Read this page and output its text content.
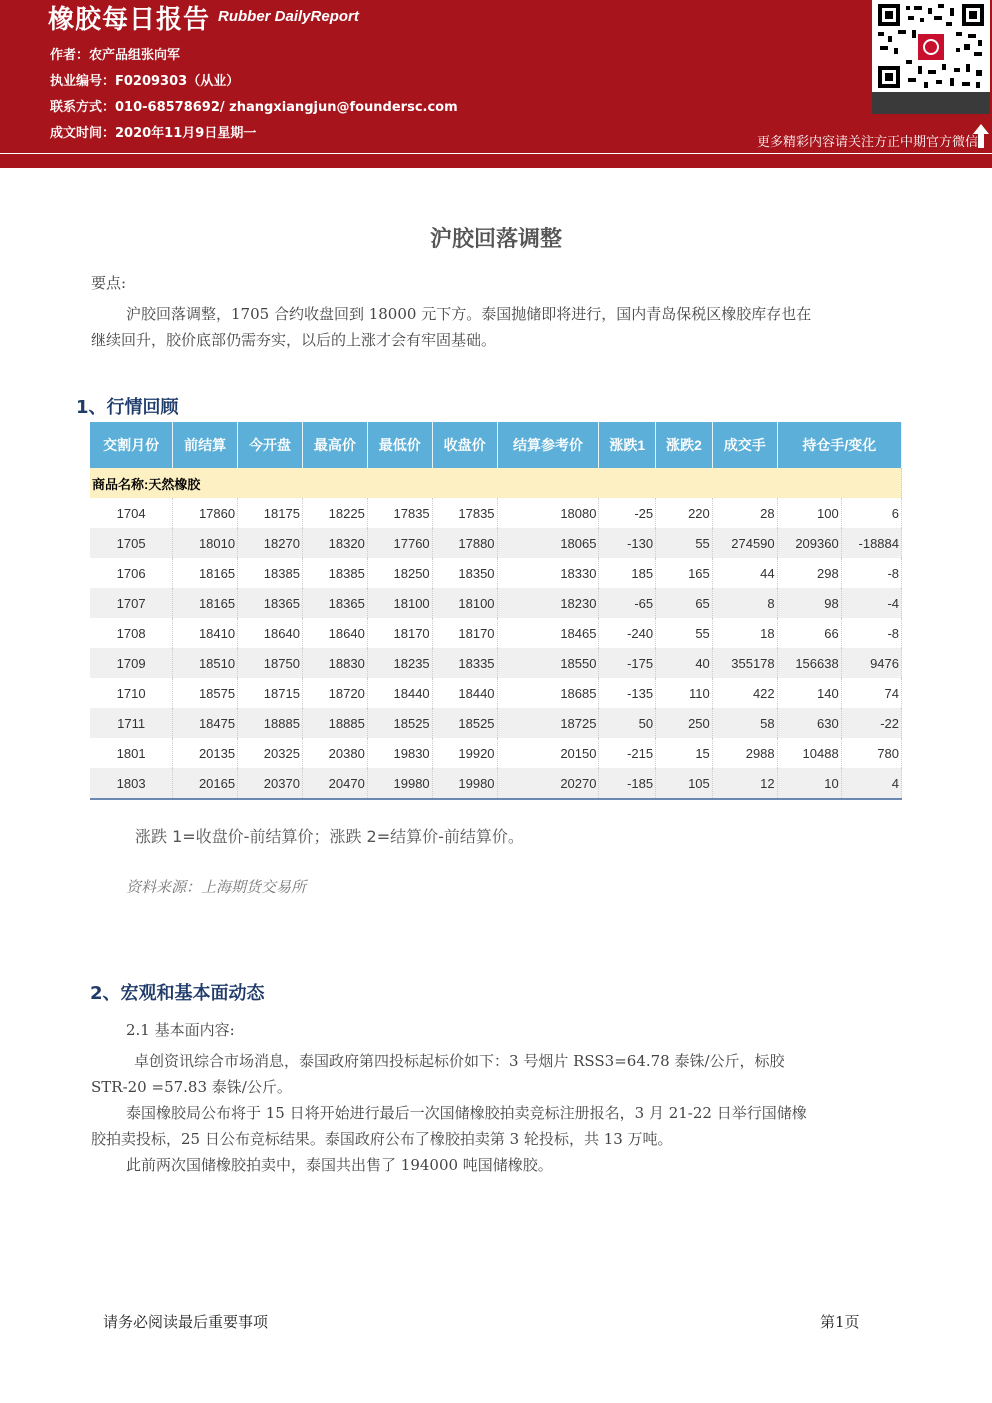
橡胶每日报告 Rubber DailyReport
作者：农产品组张向军
执业编号：F0209303（从业）
联系方式：010-68578692/ zhangxiangjun@foundersc.com
成文时间：2020年11月9日星期一
更多精彩内容请关注方正中期官方微信
沪胶回落调整
要点:
沪胶回落调整，1705 合约收盘回到 18000 元下方。泰国抛储即将进行，国内青岛保税区橡胶库存也在
继续回升，胶价底部仍需夯实，以后的上涨才会有牢固基础。
1、行情回顾
交割月份	前结算	今开盘	最高价	最低价	收盘价	结算参考价	涨跌1	涨跌2	成交手	持仓手/变化	
商品名称:天然橡胶											
1704	17860	18175	18225	17835	17835	18080	-25	220	28	100	6
1705	18010	18270	18320	17760	17880	18065	-130	55	274590	209360	-18884
1706	18165	18385	18385	18250	18350	18330	185	165	44	298	-8
1707	18165	18365	18365	18100	18100	18230	-65	65	8	98	-4
1708	18410	18640	18640	18170	18170	18465	-240	55	18	66	-8
1709	18510	18750	18830	18235	18335	18550	-175	40	355178	156638	9476
1710	18575	18715	18720	18440	18440	18685	-135	110	422	140	74
1711	18475	18885	18885	18525	18525	18725	50	250	58	630	-22
1801	20135	20325	20380	19830	19920	20150	-215	15	2988	10488	780
1803	20165	20370	20470	19980	19980	20270	-185	105	12	10	4
涨跌 1=收盘价-前结算价；涨跌 2=结算价-前结算价。
资料来源：上海期货交易所
2、宏观和基本面动态
2.1 基本面内容:
卓创资讯综合市场消息，泰国政府第四投标起标价如下：3 号烟片 RSS3=64.78 泰铢/公斤，标胶
STR-20 =57.83 泰铢/公斤。
泰国橡胶局公布将于 15 日将开始进行最后一次国储橡胶拍卖竞标注册报名，3 月 21-22 日举行国储橡
胶拍卖投标，25 日公布竞标结果。泰国政府公布了橡胶拍卖第 3 轮投标，共 13 万吨。
此前两次国储橡胶拍卖中，泰国共出售了 194000 吨国储橡胶。
请务必阅读最后重要事项	第1页
